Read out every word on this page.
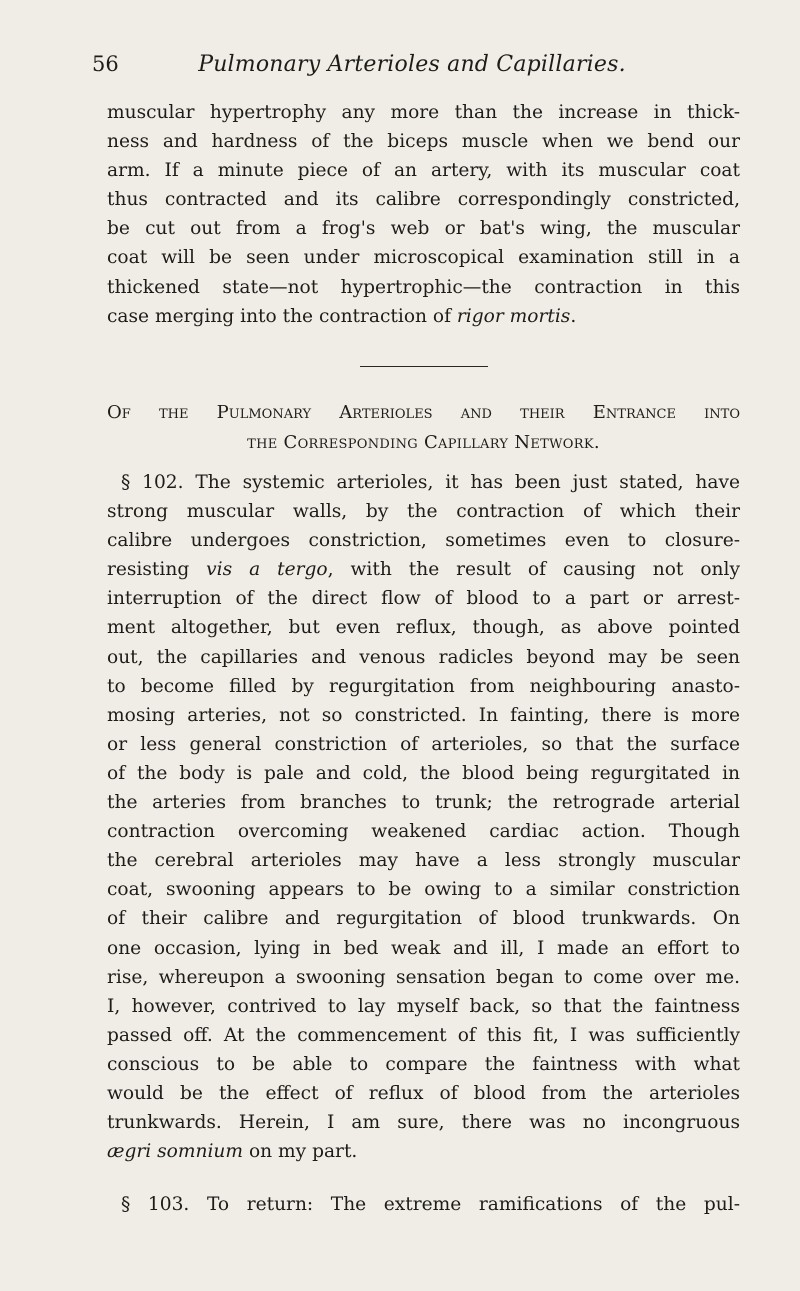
56	Pulmonary Arterioles and Capillaries.
muscular hypertrophy any more than the increase in thick-
ness and hardness of the biceps muscle when we bend our
arm. If a minute piece of an artery, with its muscular coat
thus contracted and its calibre correspondingly constricted,
be cut out from a frog's web or bat's wing, the muscular
coat will be seen under microscopical examination still in a
thickened state—not hypertrophic—the contraction in this
case merging into the contraction of rigor mortis.
Of the Pulmonary Arterioles and their Entrance into
the Corresponding Capillary Network.
§ 102. The systemic arterioles, it has been just stated, have
strong muscular walls, by the contraction of which their
calibre undergoes constriction, sometimes even to closure-
resisting vis a tergo, with the result of causing not only
interruption of the direct flow of blood to a part or arrest-
ment altogether, but even reflux, though, as above pointed
out, the capillaries and venous radicles beyond may be seen
to become filled by regurgitation from neighbouring anasto-
mosing arteries, not so constricted. In fainting, there is more
or less general constriction of arterioles, so that the surface
of the body is pale and cold, the blood being regurgitated in
the arteries from branches to trunk; the retrograde arterial
contraction overcoming weakened cardiac action. Though
the cerebral arterioles may have a less strongly muscular
coat, swooning appears to be owing to a similar constriction
of their calibre and regurgitation of blood trunkwards. On
one occasion, lying in bed weak and ill, I made an effort to
rise, whereupon a swooning sensation began to come over me.
I, however, contrived to lay myself back, so that the faintness
passed off. At the commencement of this fit, I was sufficiently
conscious to be able to compare the faintness with what
would be the effect of reflux of blood from the arterioles
trunkwards. Herein, I am sure, there was no incongruous
ægri somnium on my part.
§ 103. To return: The extreme ramifications of the pul-
